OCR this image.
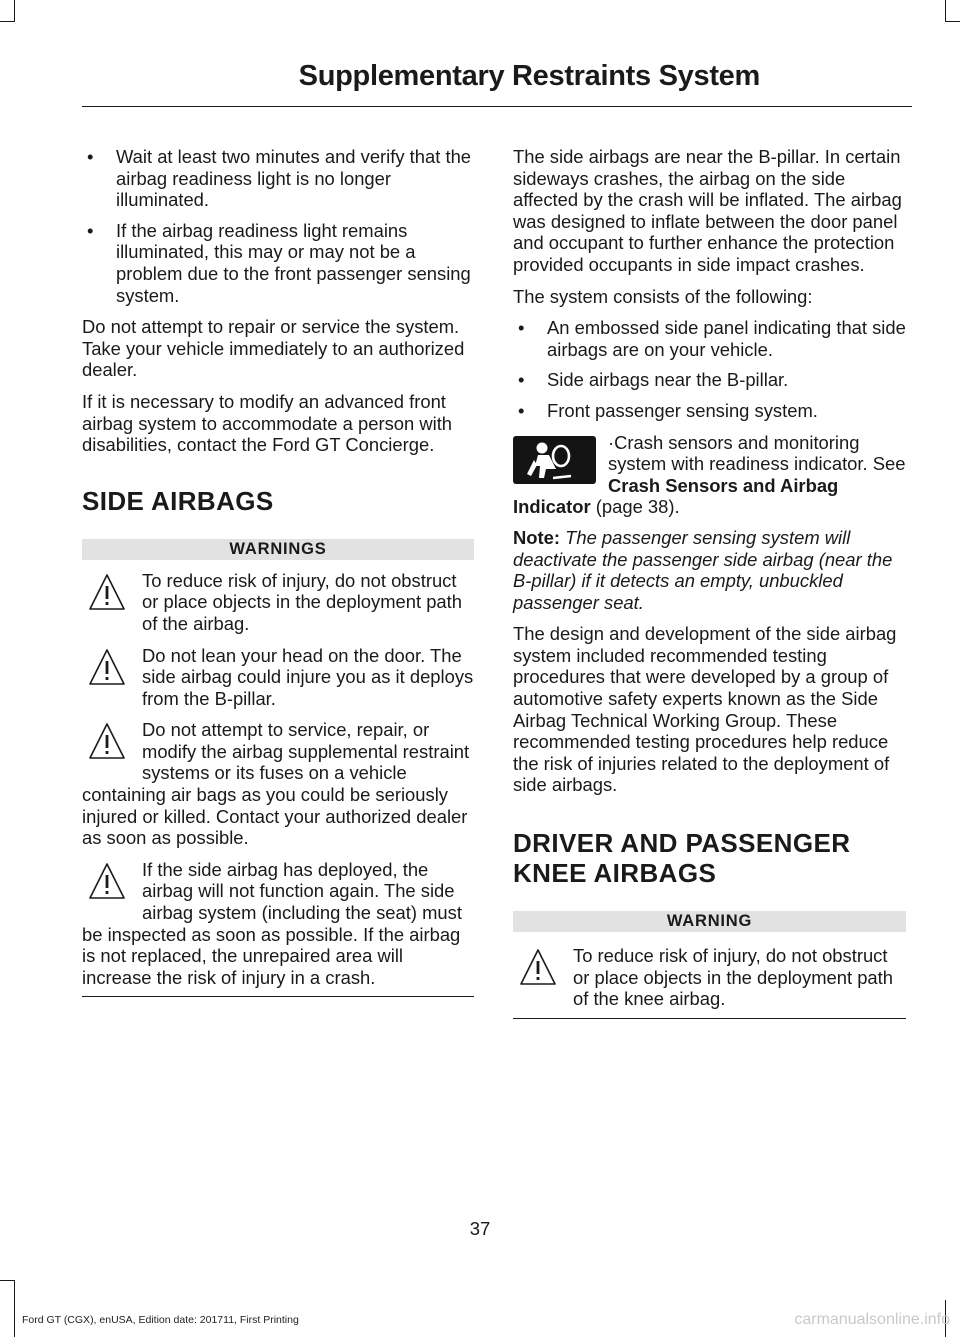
Supplementary Restraints System
• Wait at least two minutes and verify that the airbag readiness light is no longer illuminated.
• If the airbag readiness light remains illuminated, this may or may not be a problem due to the front passenger sensing system.

Do not attempt to repair or service the system. Take your vehicle immediately to an authorized dealer.

If it is necessary to modify an advanced front airbag system to accommodate a person with disabilities, contact the Ford GT Concierge.

SIDE AIRBAGS
WARNINGS
To reduce risk of injury, do not obstruct or place objects in the deployment path of the airbag.
Do not lean your head on the door. The side airbag could injure you as it deploys from the B-pillar.
Do not attempt to service, repair, or modify the airbag supplemental restraint systems or its fuses on a vehicle containing air bags as you could be seriously injured or killed. Contact your authorized dealer as soon as possible.
If the side airbag has deployed, the airbag will not function again. The side airbag system (including the seat) must be inspected as soon as possible. If the airbag is not replaced, the unrepaired area will increase the risk of injury in a crash.

The side airbags are near the B-pillar. In certain sideways crashes, the airbag on the side affected by the crash will be inflated. The airbag was designed to inflate between the door panel and occupant to further enhance the protection provided occupants in side impact crashes.

The system consists of the following:

• An embossed side panel indicating that side airbags are on your vehicle.
• Side airbags near the B-pillar.
• Front passenger sensing system.

·Crash sensors and monitoring system with readiness indicator. See Crash Sensors and Airbag Indicator (page 38).

Note: The passenger sensing system will deactivate the passenger side airbag (near the B-pillar) if it detects an empty, unbuckled passenger seat.

The design and development of the side airbag system included recommended testing procedures that were developed by a group of automotive safety experts known as the Side Airbag Technical Working Group. These recommended testing procedures help reduce the risk of injuries related to the deployment of side airbags.

DRIVER AND PASSENGER
KNEE AIRBAGS
WARNING
To reduce risk of injury, do not obstruct or place objects in the deployment path of the knee airbag.
37
Ford GT (CGX), enUSA, Edition date: 201711, First Printing	carmanualsonline.info
